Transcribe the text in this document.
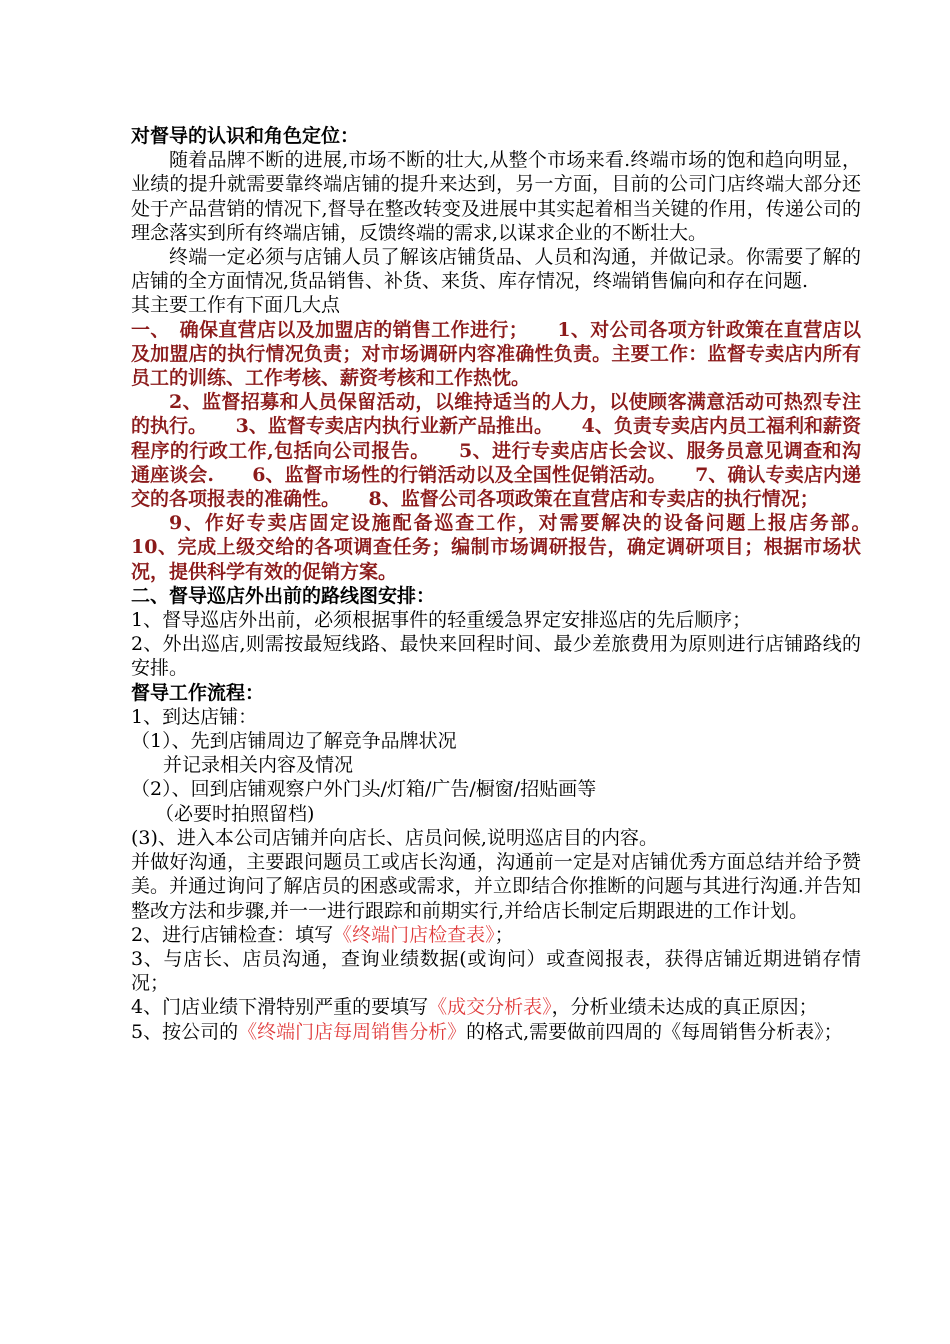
对督导的认识和角色定位：

随着品牌不断的进展,市场不断的壮大,从整个市场来看.终端市场的饱和趋向明显，业绩的提升就需要靠终端店铺的提升来达到，另一方面，目前的公司门店终端大部分还处于产品营销的情况下,督导在整改转变及进展中其实起着相当关键的作用，传递公司的理念落实到所有终端店铺，反馈终端的需求,以谋求企业的不断壮大。

终端一定必须与店铺人员了解该店铺货品、人员和沟通，并做记录。你需要了解的店铺的全方面情况,货品销售、补货、来货、库存情况，终端销售偏向和存在问题.

其主要工作有下面几大点

一、　确保直营店以及加盟店的销售工作进行；　　1、对公司各项方针政策在直营店以及加盟店的执行情况负责；对市场调研内容准确性负责。主要工作：监督专卖店内所有员工的训练、工作考核、薪资考核和工作热忱。

2、监督招募和人员保留活动，以维持适当的人力，以使顾客满意活动可热烈专注的执行。　　3、监督专卖店内执行业新产品推出。　　4、负责专卖店内员工福利和薪资程序的行政工作,包括向公司报告。　　5、进行专卖店店长会议、服务员意见调查和沟通座谈会.　　6、监督市场性的行销活动以及全国性促销活动。　　7、确认专卖店内递交的各项报表的准确性。　　8、监督公司各项政策在直营店和专卖店的执行情况；

9、作好专卖店固定设施配备巡查工作，对需要解决的设备问题上报店务部。　　10、完成上级交给的各项调查任务；编制市场调研报告，确定调研项目；根据市场状况，提供科学有效的促销方案。

二、督导巡店外出前的路线图安排：

1、督导巡店外出前，必须根据事件的轻重缓急界定安排巡店的先后顺序；

2、外出巡店,则需按最短线路、最快来回程时间、最少差旅费用为原则进行店铺路线的安排。

督导工作流程：

1、到达店铺：

（1）、先到店铺周边了解竞争品牌状况

并记录相关内容及情况

（2）、回到店铺观察户外门头/灯箱/广告/橱窗/招贴画等

（必要时拍照留档)

(3)、进入本公司店铺并向店长、店员问候,说明巡店目的内容。

并做好沟通，主要跟问题员工或店长沟通，沟通前一定是对店铺优秀方面总结并给予赞美。并通过询问了解店员的困惑或需求，并立即结合你推断的问题与其进行沟通.并告知整改方法和步骤,并一一进行跟踪和前期实行,并给店长制定后期跟进的工作计划。

2、进行店铺检查：填写《终端门店检查表》；

3、与店长、店员沟通，查询业绩数据(或询问）或查阅报表，获得店铺近期进销存情况；

4、门店业绩下滑特别严重的要填写《成交分析表》，分析业绩未达成的真正原因；

5、按公司的《终端门店每周销售分析》的格式,需要做前四周的《每周销售分析表》；
